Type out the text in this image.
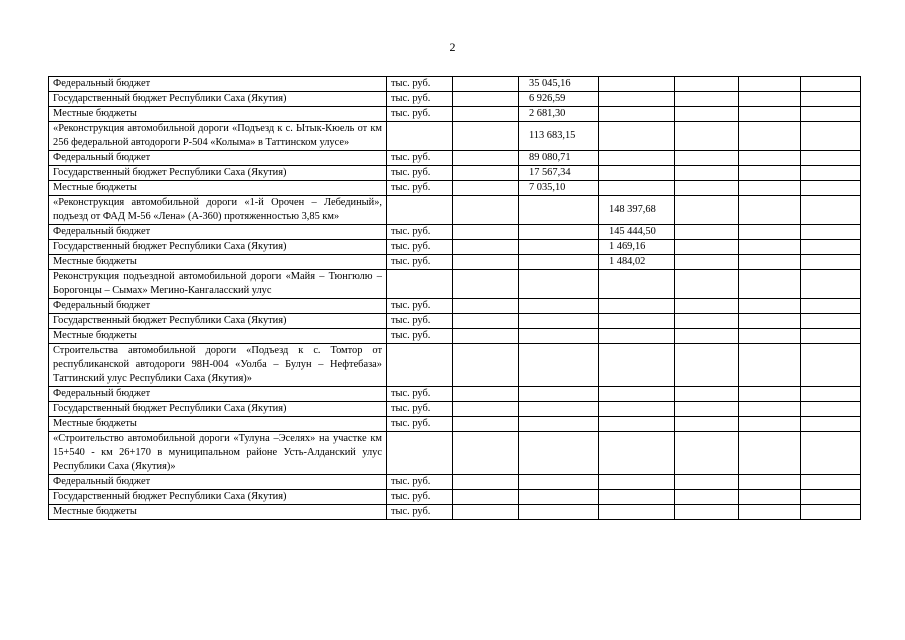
2
Федеральный бюджет	тыс. руб.		35 045,16					
Государственный бюджет Республики Саха (Якутия)	тыс. руб.		6 926,59					
Местные бюджеты	тыс. руб.		2 681,30					
«Реконструкция автомобильной дороги «Подъезд к с. Ытык-Кюель от км 256 федеральной автодороги Р-504 «Колыма» в Таттинском улусе»			113 683,15					
Федеральный бюджет	тыс. руб.		89 080,71					
Государственный бюджет Республики Саха (Якутия)	тыс. руб.		17 567,34					
Местные бюджеты	тыс. руб.		7 035,10					
«Реконструкция автомобильной дороги «1-й Орочен – Лебединый», подъезд от ФАД М-56 «Лена» (А-360) протяженностью 3,85 км»				148 397,68				
Федеральный бюджет	тыс. руб.			145 444,50				
Государственный бюджет Республики Саха (Якутия)	тыс. руб.			1 469,16				
Местные бюджеты	тыс. руб.			1 484,02				
Реконструкция подъездной автомобильной дороги «Майя – Тюнгюлю – Борогонцы – Сымах» Мегино-Кангаласский улус								
Федеральный бюджет	тыс. руб.							
Государственный бюджет Республики Саха (Якутия)	тыс. руб.							
Местные бюджеты	тыс. руб.							
Строительства автомобильной дороги «Подъезд к с. Томтор от республиканской автодороги 98Н-004 «Уолба – Булун – Нефтебаза» Таттинский улус Республики Саха (Якутия)»								
Федеральный бюджет	тыс. руб.							
Государственный бюджет Республики Саха (Якутия)	тыс. руб.							
Местные бюджеты	тыс. руб.							
«Строительство автомобильной дороги «Тулуна –Эселях» на участке км 15+540 - км 26+170 в муниципальном районе Усть-Алданский улус Республики Саха (Якутия)»								
Федеральный бюджет	тыс. руб.							
Государственный бюджет Республики Саха (Якутия)	тыс. руб.							
Местные бюджеты	тыс. руб.							
